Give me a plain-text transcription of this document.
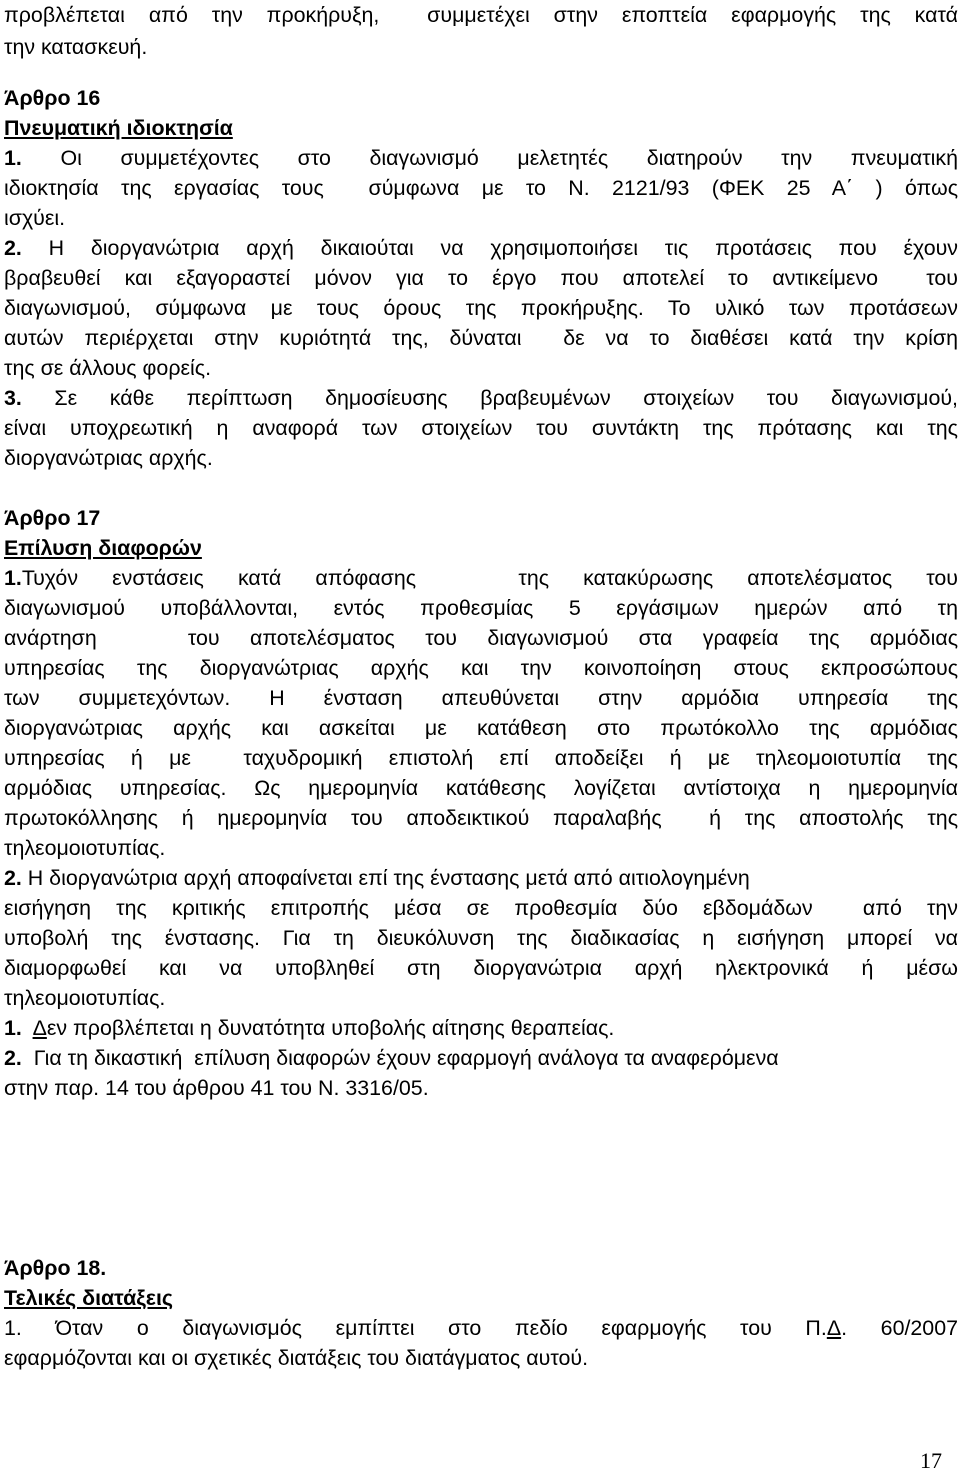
προβλέπεται από την προκήρυξη,  συμμετέχει στην εποπτεία εφαρμογής της κατά
την κατασκευή.
Άρθρο 16
Πνευματική ιδιοκτησία
1. Οι συμμετέχοντες στο διαγωνισμό μελετητές διατηρούν την πνευματική
ιδιοκτησία της εργασίας τους  σύμφωνα με το Ν. 2121/93 (ΦΕΚ 25 Α΄ ) όπως
ισχύει.
2. Η διοργανώτρια αρχή δικαιούται να χρησιμοποιήσει τις προτάσεις που έχουν
βραβευθεί και εξαγοραστεί μόνον για το έργο που αποτελεί το αντικείμενο  του
διαγωνισμού, σύμφωνα με τους όρους της προκήρυξης. Το υλικό των προτάσεων
αυτών περιέρχεται στην κυριότητά της, δύναται  δε να το διαθέσει κατά την κρίση
της σε άλλους φορείς.
3. Σε κάθε περίπτωση δημοσίευσης βραβευμένων στοιχείων του διαγωνισμού,
είναι υποχρεωτική η αναφορά των στοιχείων του συντάκτη της πρότασης και της
διοργανώτριας αρχής.
Άρθρο 17
Επίλυση διαφορών
1.Τυχόν ενστάσεις κατά απόφασης   της κατακύρωσης αποτελέσματος του
διαγωνισμού υποβάλλονται, εντός προθεσμίας 5 εργάσιμων ημερών από τη
ανάρτηση   του αποτελέσματος του διαγωνισμού στα γραφεία της αρμόδιας
υπηρεσίας της διοργανώτριας αρχής και την κοινοποίηση στους εκπροσώπους
των συμμετεχόντων. Η ένσταση απευθύνεται στην αρμόδια υπηρεσία της
διοργανώτριας αρχής και ασκείται με κατάθεση στο πρωτόκολλο της αρμόδιας
υπηρεσίας ή με  ταχυδρομική επιστολή επί αποδείξει ή με τηλεομοιοτυπία της
αρμόδιας υπηρεσίας. Ως ημερομηνία κατάθεσης λογίζεται αντίστοιχα η ημερομηνία
πρωτοκόλλησης ή ημερομηνία του αποδεικτικού παραλαβής  ή της αποστολής της
τηλεομοιοτυπίας.
2. Η διοργανώτρια αρχή αποφαίνεται επί της ένστασης μετά από αιτιολογημένη
εισήγηση της κριτικής επιτροπής μέσα σε προθεσμία δύο εβδομάδων  από την
υποβολή της ένστασης. Για τη διευκόλυνση της διαδικασίας η εισήγηση μπορεί να
διαμορφωθεί και να υποβληθεί στη διοργανώτρια αρχή ηλεκτρονικά ή μέσω
τηλεομοιοτυπίας.
1. Δεν προβλέπεται η δυνατότητα υποβολής αίτησης θεραπείας.
2.  Για τη δικαστική  επίλυση διαφορών έχουν εφαρμογή ανάλογα τα αναφερόμενα
στην παρ. 14 του άρθρου 41 του Ν. 3316/05.
Άρθρο 18.
Τελικές διατάξεις
1. Όταν ο διαγωνισμός εμπίπτει στο πεδίο εφαρμογής του Π.Δ. 60/2007
εφαρμόζονται και οι σχετικές διατάξεις του διατάγματος αυτού.
17
